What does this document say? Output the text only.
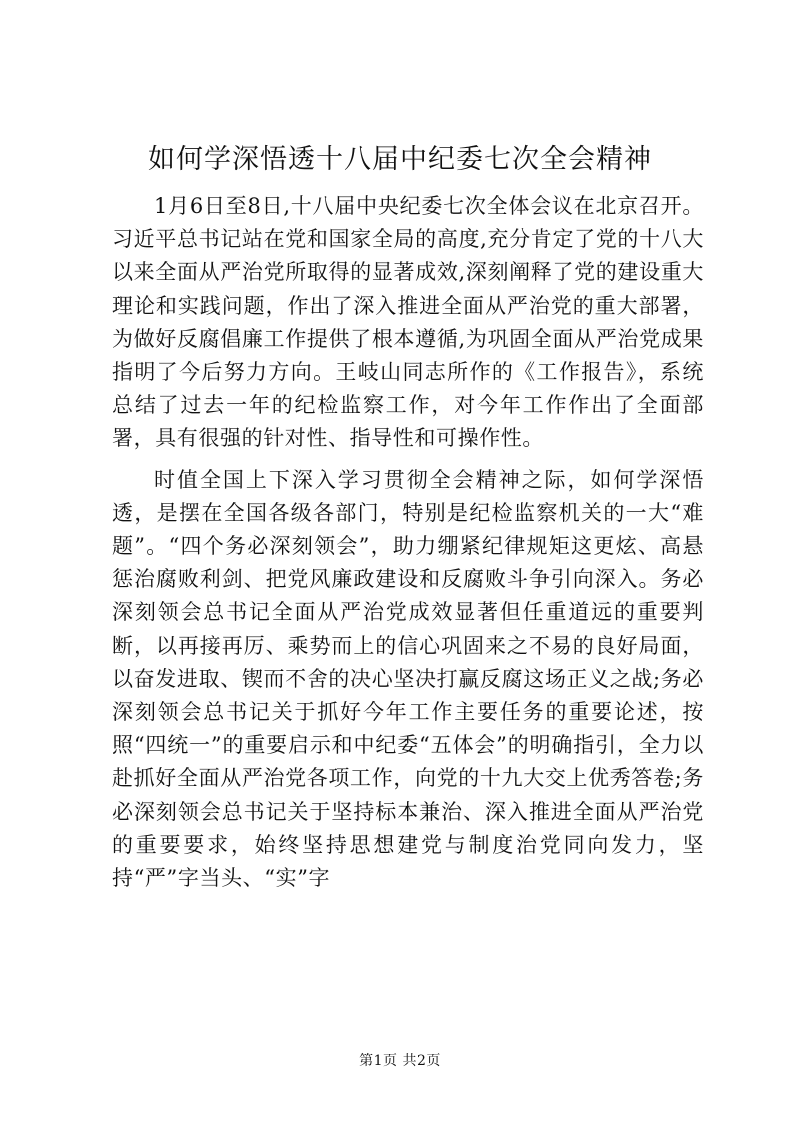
如何学深悟透十八届中纪委七次全会精神

1月6日至8日,十八届中央纪委七次全体会议在北京召开。习近平总书记站在党和国家全局的高度,充分肯定了党的十八大以来全面从严治党所取得的显著成效,深刻阐释了党的建设重大理论和实践问题，作出了深入推进全面从严治党的重大部署，为做好反腐倡廉工作提供了根本遵循,为巩固全面从严治党成果指明了今后努力方向。王岐山同志所作的《工作报告》，系统总结了过去一年的纪检监察工作，对今年工作作出了全面部署，具有很强的针对性、指导性和可操作性。

时值全国上下深入学习贯彻全会精神之际，如何学深悟透，是摆在全国各级各部门，特别是纪检监察机关的一大“难题”。“四个务必深刻领会”，助力绷紧纪律规矩这更炫、高悬惩治腐败利剑、把党风廉政建设和反腐败斗争引向深入。务必深刻领会总书记全面从严治党成效显著但任重道远的重要判断，以再接再厉、乘势而上的信心巩固来之不易的良好局面，以奋发进取、锲而不舍的决心坚决打赢反腐这场正义之战;务必深刻领会总书记关于抓好今年工作主要任务的重要论述，按照“四统一”的重要启示和中纪委“五体会”的明确指引，全力以赴抓好全面从严治党各项工作，向党的十九大交上优秀答卷;务必深刻领会总书记关于坚持标本兼治、深入推进全面从严治党的重要要求，始终坚持思想建党与制度治党同向发力，坚持“严”字当头、“实”字

第1页 共2页
